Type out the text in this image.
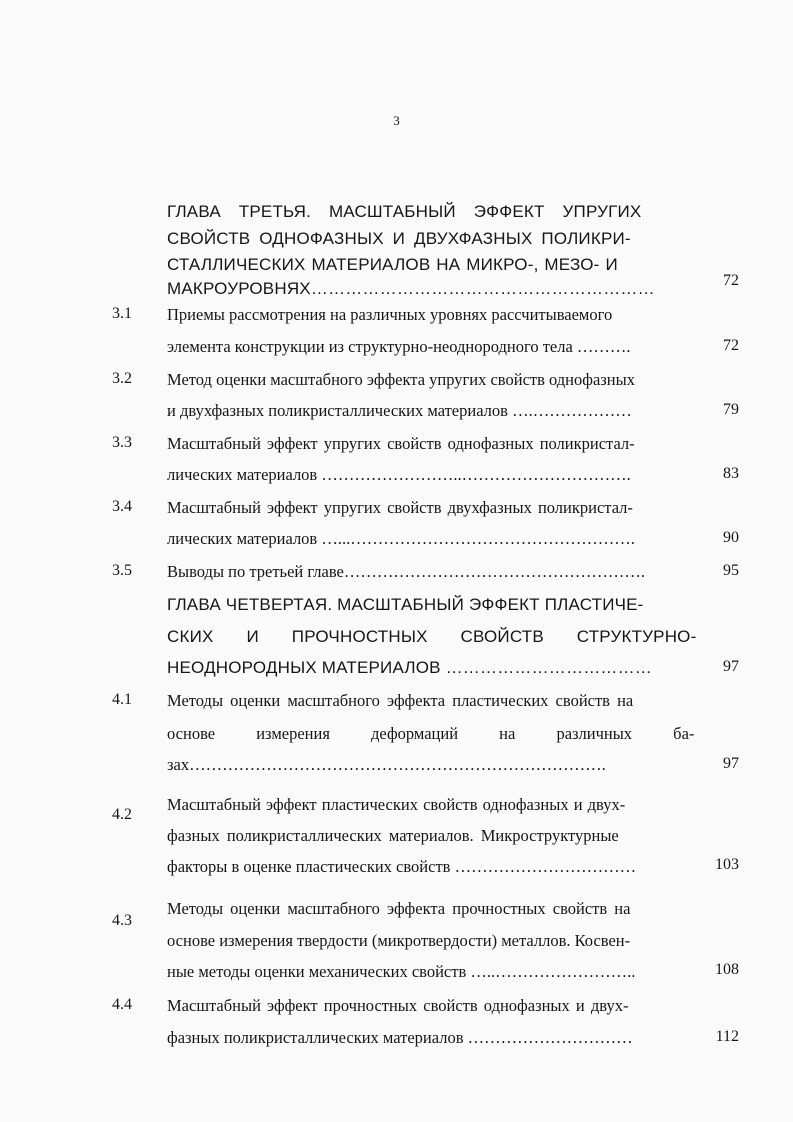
3
ГЛАВА ТРЕТЬЯ. МАСШТАБНЫЙ ЭФФЕКТ УПРУГИХ
СВОЙСТВ ОДНОФАЗНЫХ И ДВУХФАЗНЫХ ПОЛИКРИ-
СТАЛЛИЧЕСКИХ МАТЕРИАЛОВ НА МИКРО-, МЕЗО- И
МАКРОУРОВНЯХ……………………………………………………	72
3.1 Приемы рассмотрения на различных уровнях рассчитываемого
элемента конструкции из структурно-неоднородного тела ……….	72
3.2 Метод оценки масштабного эффекта упругих свойств однофазных
и двухфазных поликристаллических материалов ….………………	79
3.3 Масштабный эффект упругих свойств однофазных поликристал-
лических материалов ……………………..………………………….	83
3.4 Масштабный эффект упругих свойств двухфазных поликристал-
лических материалов …...…………………………………………….	90
3.5 Выводы по третьей главе……………………………………………….	95
ГЛАВА ЧЕТВЕРТАЯ. МАСШТАБНЫЙ ЭФФЕКТ ПЛАСТИЧЕ-
СКИХ И ПРОЧНОСТНЫХ СВОЙСТВ СТРУКТУРНО-
НЕОДНОРОДНЫХ МАТЕРИАЛОВ ………………………………	97
4.1 Методы оценки масштабного эффекта пластических свойств на
основе измерения деформаций на различных ба-
зах………………………………………………………………….	97
4.2
Масштабный эффект пластических свойств однофазных и двух-
фазных поликристаллических материалов. Микроструктурные
факторы в оценке пластических свойств ……………………………	103
4.3
Методы оценки масштабного эффекта прочностных свойств на
основе измерения твердости (микротвердости) металлов. Косвен-
ные методы оценки механических свойств …..……………………..	108
4.4 Масштабный эффект прочностных свойств однофазных и двух-
фазных поликристаллических материалов …………………………	112
